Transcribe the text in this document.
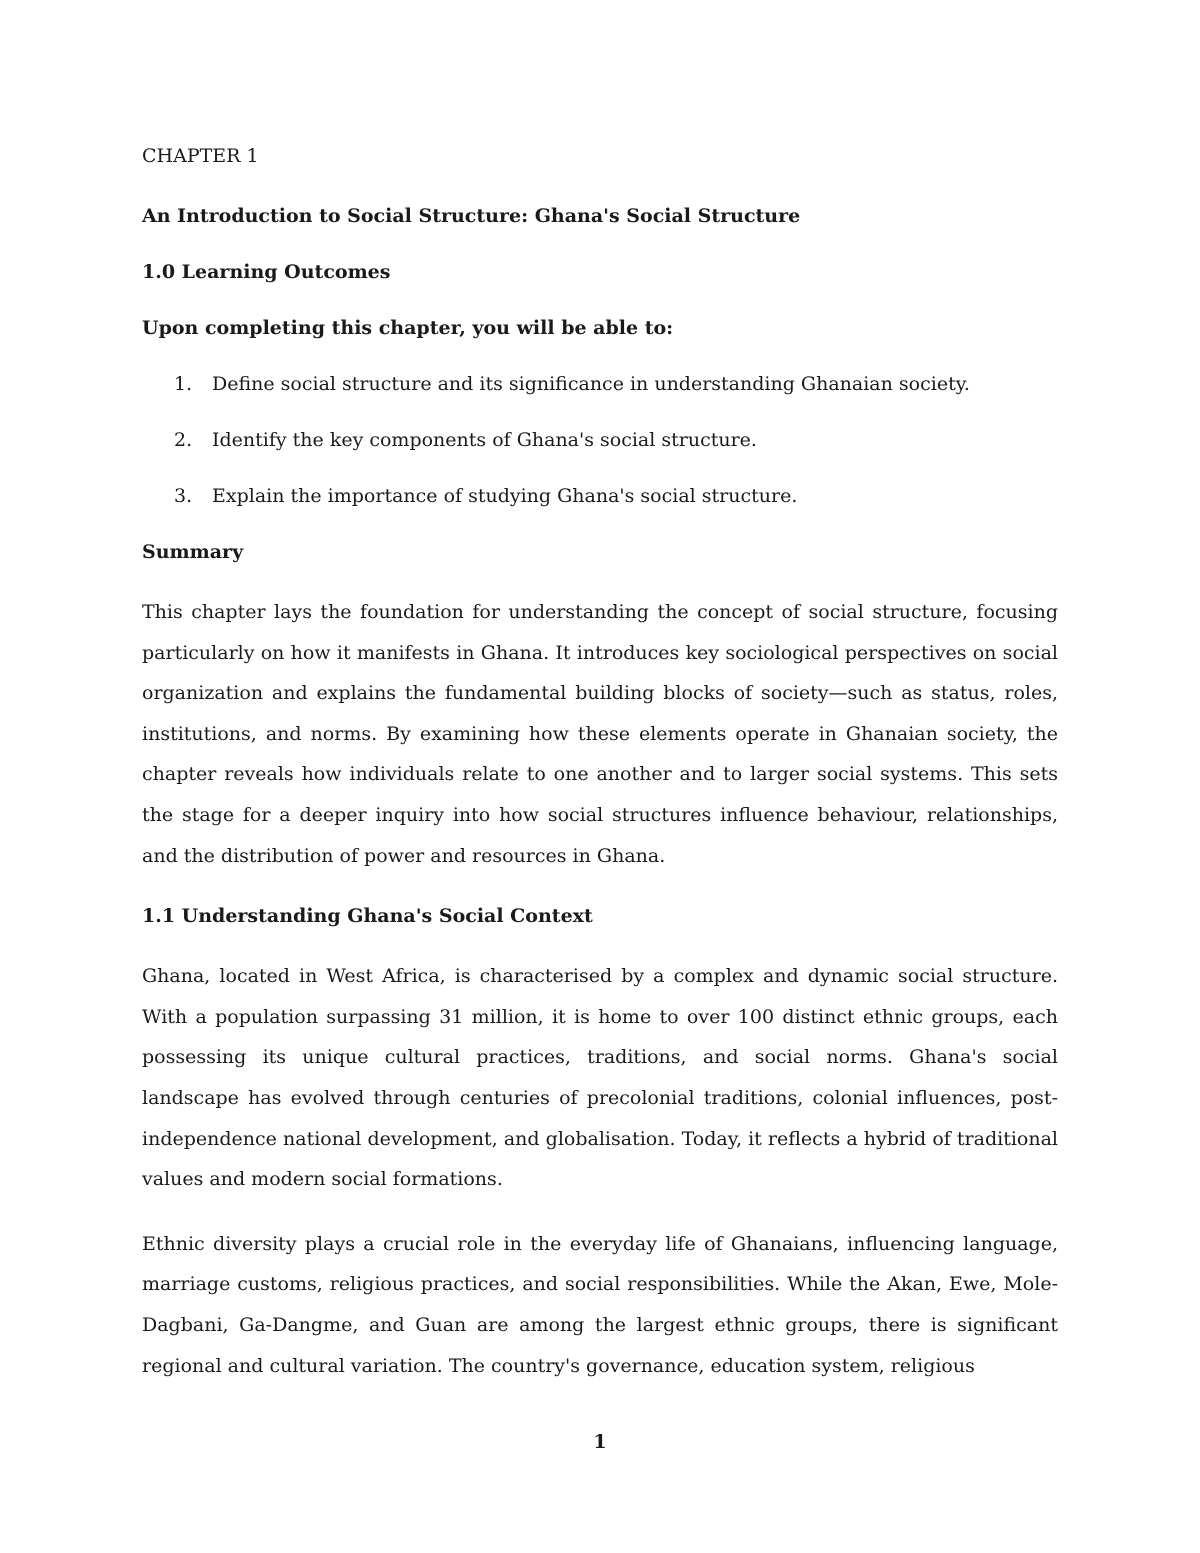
CHAPTER 1

An Introduction to Social Structure: Ghana's Social Structure

1.0 Learning Outcomes

Upon completing this chapter, you will be able to:

1. Define social structure and its significance in understanding Ghanaian society.
2. Identify the key components of Ghana's social structure.
3. Explain the importance of studying Ghana's social structure.

Summary

This chapter lays the foundation for understanding the concept of social structure, focusing particularly on how it manifests in Ghana. It introduces key sociological perspectives on social organization and explains the fundamental building blocks of society—such as status, roles, institutions, and norms. By examining how these elements operate in Ghanaian society, the chapter reveals how individuals relate to one another and to larger social systems. This sets the stage for a deeper inquiry into how social structures influence behaviour, relationships, and the distribution of power and resources in Ghana.

1.1 Understanding Ghana's Social Context

Ghana, located in West Africa, is characterised by a complex and dynamic social structure. With a population surpassing 31 million, it is home to over 100 distinct ethnic groups, each possessing its unique cultural practices, traditions, and social norms. Ghana's social landscape has evolved through centuries of precolonial traditions, colonial influences, post-independence national development, and globalisation. Today, it reflects a hybrid of traditional values and modern social formations.

Ethnic diversity plays a crucial role in the everyday life of Ghanaians, influencing language, marriage customs, religious practices, and social responsibilities. While the Akan, Ewe, Mole-Dagbani, Ga-Dangme, and Guan are among the largest ethnic groups, there is significant regional and cultural variation. The country's governance, education system, religious

1
